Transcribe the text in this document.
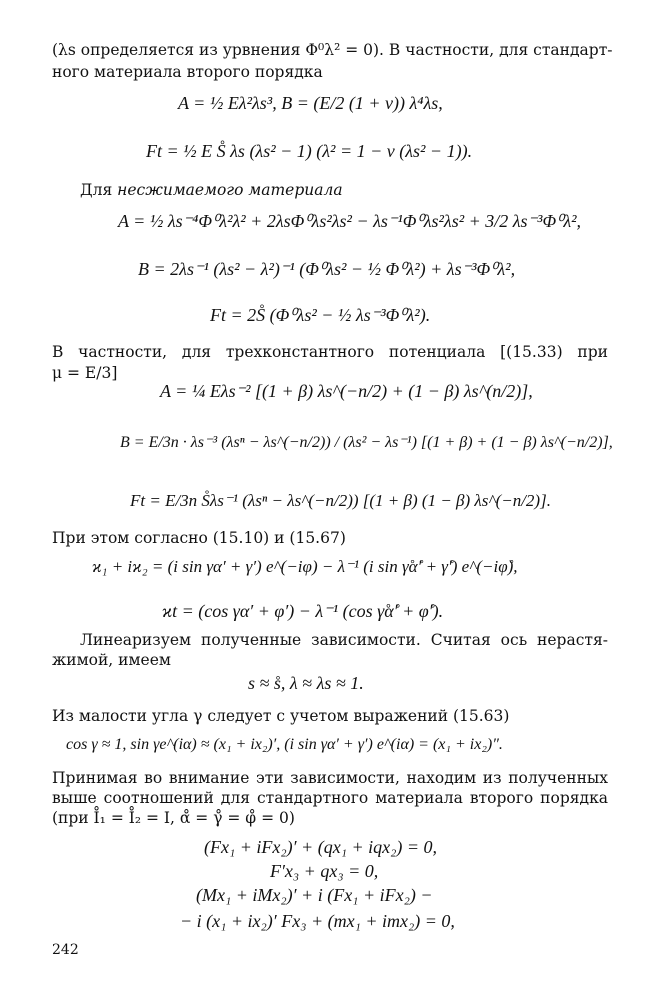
(λs определяется из урвнения Φ⁰λ² = 0). В частности, для стандарт-
ного материала второго порядка
A = ½ Eλ²λs³, B = (E/2 (1 + ν)) λ⁴λs,
Ft = ½ E S̊ λs (λs² − 1) (λ² = 1 − ν (λs² − 1)).
Для несжимаемого материала
A = ½ λs⁻⁴Φ⁰λ²λ² + 2λsΦ⁰λs²λs² − λs⁻¹Φ⁰λs²λs² + 3/2 λs⁻³Φ⁰λ²,
B = 2λs⁻¹ (λs² − λ²)⁻¹ (Φ⁰λs² − ½ Φ⁰λ²) + λs⁻³Φ⁰λ²,
Ft = 2S̊ (Φ⁰λs² − ½ λs⁻³Φ⁰λ²).
В частности, для трехконстантного потенциала [(15.33) при
μ = E/3]
A = ¼ Eλs⁻² [(1 + β) λs^(−n/2) + (1 − β) λs^(n/2)],
B = E/3n · λs⁻³ (λsⁿ − λs^(−n/2)) / (λs² − λs⁻¹) [(1 + β) + (1 − β) λs^(−n/2)],
Ft = E/3n S̊λs⁻¹ (λsⁿ − λs^(−n/2)) [(1 + β) (1 − β) λs^(−n/2)].
При этом согласно (15.10) и (15.67)
ϰ₁ + iϰ₂ = (i sin γα′ + γ′) e^(−iφ) − λ⁻¹ (i sin γ̊α̊′ + γ̊′) e^(−iφ̊),
ϰt = (cos γα′ + φ′) − λ⁻¹ (cos γ̊α̊′ + φ̊′).
Линеаризуем полученные зависимости. Считая ось нерастя-
жимой, имеем
s ≈ s̊, λ ≈ λs ≈ 1.
Из малости угла γ следует с учетом выражений (15.63)
cos γ ≈ 1, sin γe^(iα) ≈ (x₁ + ix₂)′, (i sin γα′ + γ′) e^(iα) = (x₁ + ix₂)″.
Принимая во внимание эти зависимости, находим из полученных
выше соотношений для стандартного материала второго порядка
(при I̊₁ = I̊₂ = I, α̊ = γ̊ = φ̊ = 0)
(Fx₁ + iFx₂)′ + (qx₁ + iqx₂) = 0,
F′x₃ + qx₃ = 0,
(Mx₁ + iMx₂)′ + i (Fx₁ + iFx₂) −
− i (x₁ + ix₂)′ Fx₃ + (mx₁ + imx₂) = 0,
242
